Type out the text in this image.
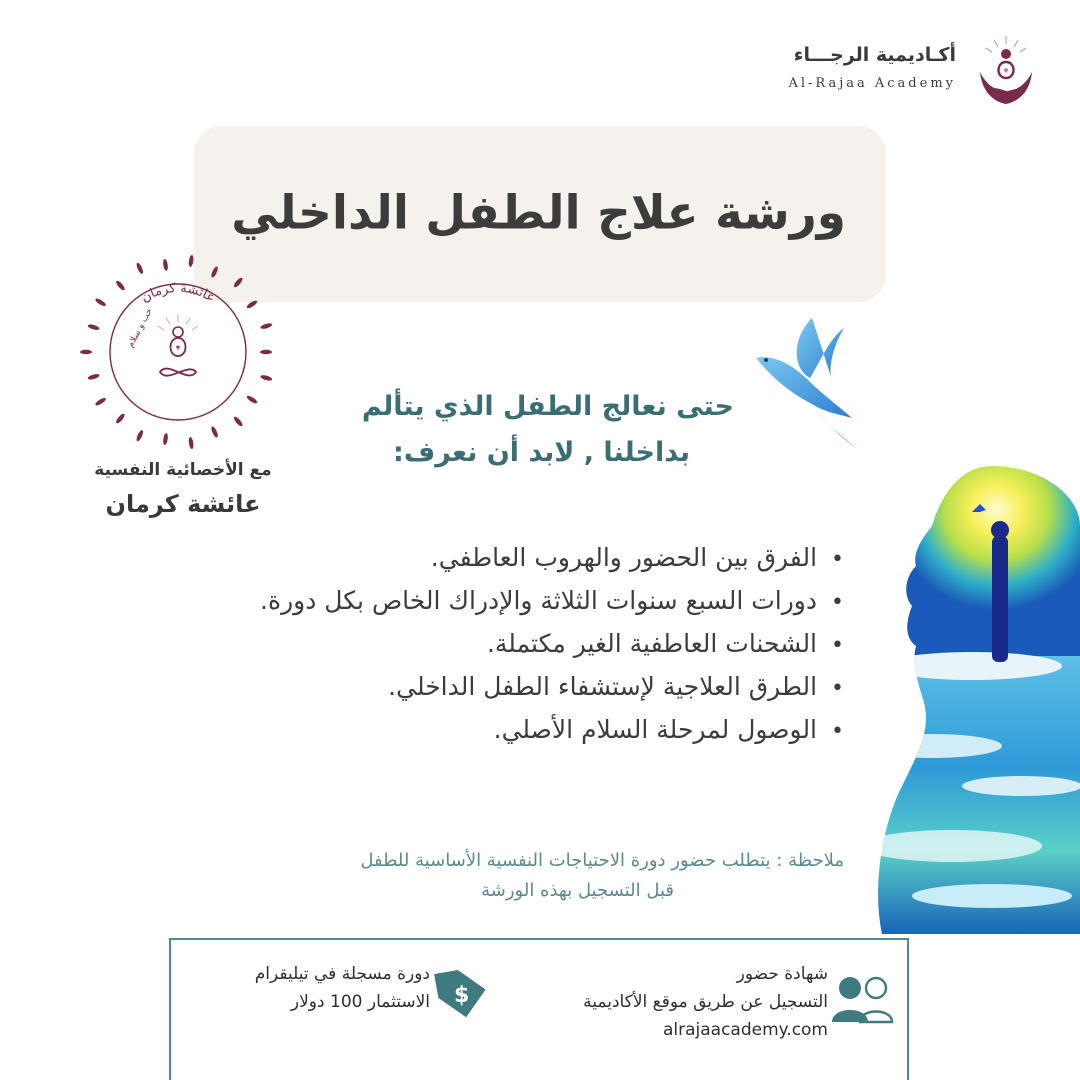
أكـاديمية الرجـــاء
Al-Rajaa Academy
ورشة علاج الطفل الداخلي
عائشة كرمان
حب و سلام
مع الأخصائية النفسية
عائشة كرمان
حتى نعالج الطفل الذي يتألم
بداخلنا , لابد أن نعرف:
•الفرق بين الحضور والهروب العاطفي.
•دورات السبع سنوات الثلاثة والإدراك الخاص بكل دورة.
•الشحنات العاطفية الغير مكتملة.
•الطرق العلاجية لإستشفاء الطفل الداخلي.
•الوصول لمرحلة السلام الأصلي.
ملاحظة : يتطلب حضور دورة الاحتياجات النفسية الأساسية للطفل
قبل التسجيل بهذه الورشة
شهادة حضور
التسجيل عن طريق موقع الأكاديمية
alrajaacademy.com
دورة مسجلة في تيليقرام
الاستثمار 100 دولار $
